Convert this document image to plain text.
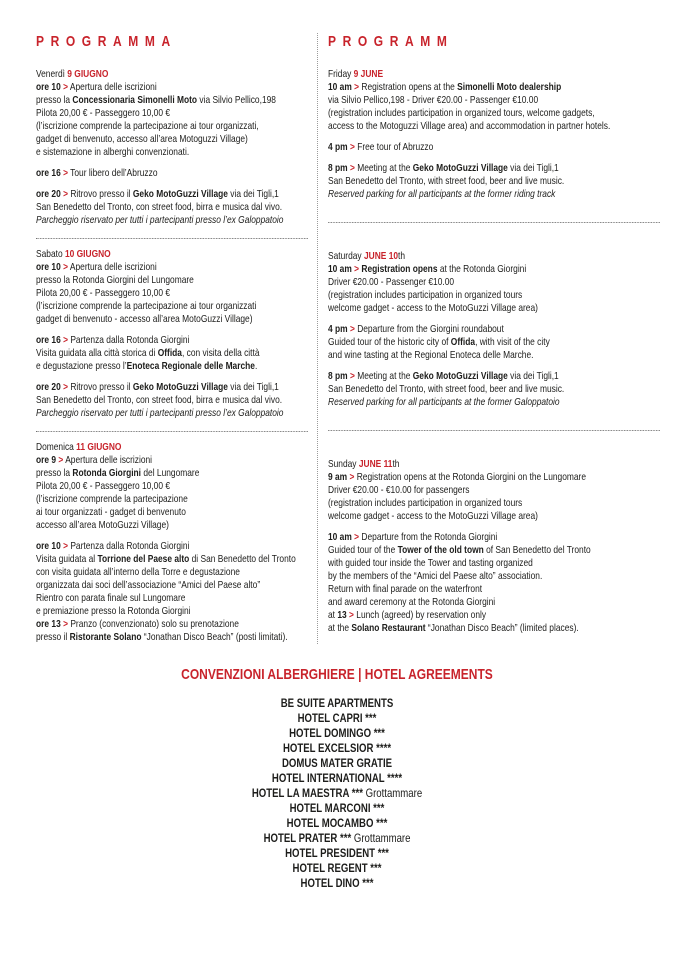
PROGRAMMA
Venerdì 9 GIUGNO
ore 10 > Apertura delle iscrizioni
presso la Concessionaria Simonelli Moto via Silvio Pellico,198
Pilota 20,00 € - Passeggero 10,00 €
(l’iscrizione comprende la partecipazione ai tour organizzati,
gadget di benvenuto, accesso all’area Motoguzzi Village)
e sistemazione in alberghi convenzionati.
ore 16 > Tour libero dell’Abruzzo
ore 20 > Ritrovo presso il Geko MotoGuzzi Village via dei Tigli,1
San Benedetto del Tronto, con street food, birra e musica dal vivo.
Parcheggio riservato per tutti i partecipanti presso l’ex Galoppatoio
Sabato 10 GIUGNO
ore 10 > Apertura delle iscrizioni
presso la Rotonda Giorgini del Lungomare
Pilota 20,00 € - Passeggero 10,00 €
(l’iscrizione comprende la partecipazione ai tour organizzati
gadget di benvenuto - accesso all’area MotoGuzzi Village)
ore 16 > Partenza dalla Rotonda Giorgini
Visita guidata alla città storica di Offida, con visita della città
e degustazione presso l’Enoteca Regionale delle Marche.
ore 20 > Ritrovo presso il Geko MotoGuzzi Village via dei Tigli,1
San Benedetto del Tronto, con street food, birra e musica dal vivo.
Parcheggio riservato per tutti i partecipanti presso l’ex Galoppatoio
Domenica 11 GIUGNO
ore 9 > Apertura delle iscrizioni
presso la Rotonda Giorgini del Lungomare
Pilota 20,00 € - Passeggero 10,00 €
(l’iscrizione comprende la partecipazione
ai tour organizzati - gadget di benvenuto
accesso all’area MotoGuzzi Village)
ore 10 > Partenza dalla Rotonda Giorgini
Visita guidata al Torrione del Paese alto di San Benedetto del Tronto
con visita guidata all’interno della Torre e degustazione
organizzata dai soci dell’associazione “Amici del Paese alto”
Rientro con parata finale sul Lungomare
e premiazione presso la Rotonda Giorgini
ore 13 > Pranzo (convenzionato) solo su prenotazione
presso il Ristorante Solano “Jonathan Disco Beach” (posti limitati).
PROGRAMM
Friday 9 JUNE
10 am > Registration opens at the Simonelli Moto dealership
via Silvio Pellico,198 - Driver €20.00 - Passenger €10.00
(registration includes participation in organized tours, welcome gadgets,
access to the Motoguzzi Village area) and accommodation in partner hotels.
4 pm > Free tour of Abruzzo
8 pm > Meeting at the Geko MotoGuzzi Village via dei Tigli,1
San Benedetto del Tronto, with street food, beer and live music.
Reserved parking for all participants at the former riding track
Saturday JUNE 10th
10 am > Registration opens at the Rotonda Giorgini
Driver €20.00 - Passenger €10.00
(registration includes participation in organized tours
welcome gadget - access to the MotoGuzzi Village area)
4 pm > Departure from the Giorgini roundabout
Guided tour of the historic city of Offida, with visit of the city
and wine tasting at the Regional Enoteca delle Marche.
8 pm > Meeting at the Geko MotoGuzzi Village via dei Tigli,1
San Benedetto del Tronto, with street food, beer and live music.
Reserved parking for all participants at the former Galoppatoio
Sunday JUNE 11th
9 am > Registration opens at the Rotonda Giorgini on the Lungomare
Driver €20.00 - €10.00 for passengers
(registration includes participation in organized tours
welcome gadget - access to the MotoGuzzi Village area)
10 am > Departure from the Rotonda Giorgini
Guided tour of the Tower of the old town of San Benedetto del Tronto
with guided tour inside the Tower and tasting organized
by the members of the “Amici del Paese alto” association.
Return with final parade on the waterfront
and award ceremony at the Rotonda Giorgini
at 13 > Lunch (agreed) by reservation only
at the Solano Restaurant “Jonathan Disco Beach” (limited places).
CONVENZIONI ALBERGHIERE | HOTEL AGREEMENTS
BE SUITE APARTMENTS
HOTEL CAPRI ***
HOTEL DOMINGO ***
HOTEL EXCELSIOR ****
DOMUS MATER GRATIE
HOTEL INTERNATIONAL ****
HOTEL LA MAESTRA *** Grottammare
HOTEL MARCONI ***
HOTEL MOCAMBO ***
HOTEL PRATER *** Grottammare
HOTEL PRESIDENT ***
HOTEL REGENT ***
HOTEL DINO ***
